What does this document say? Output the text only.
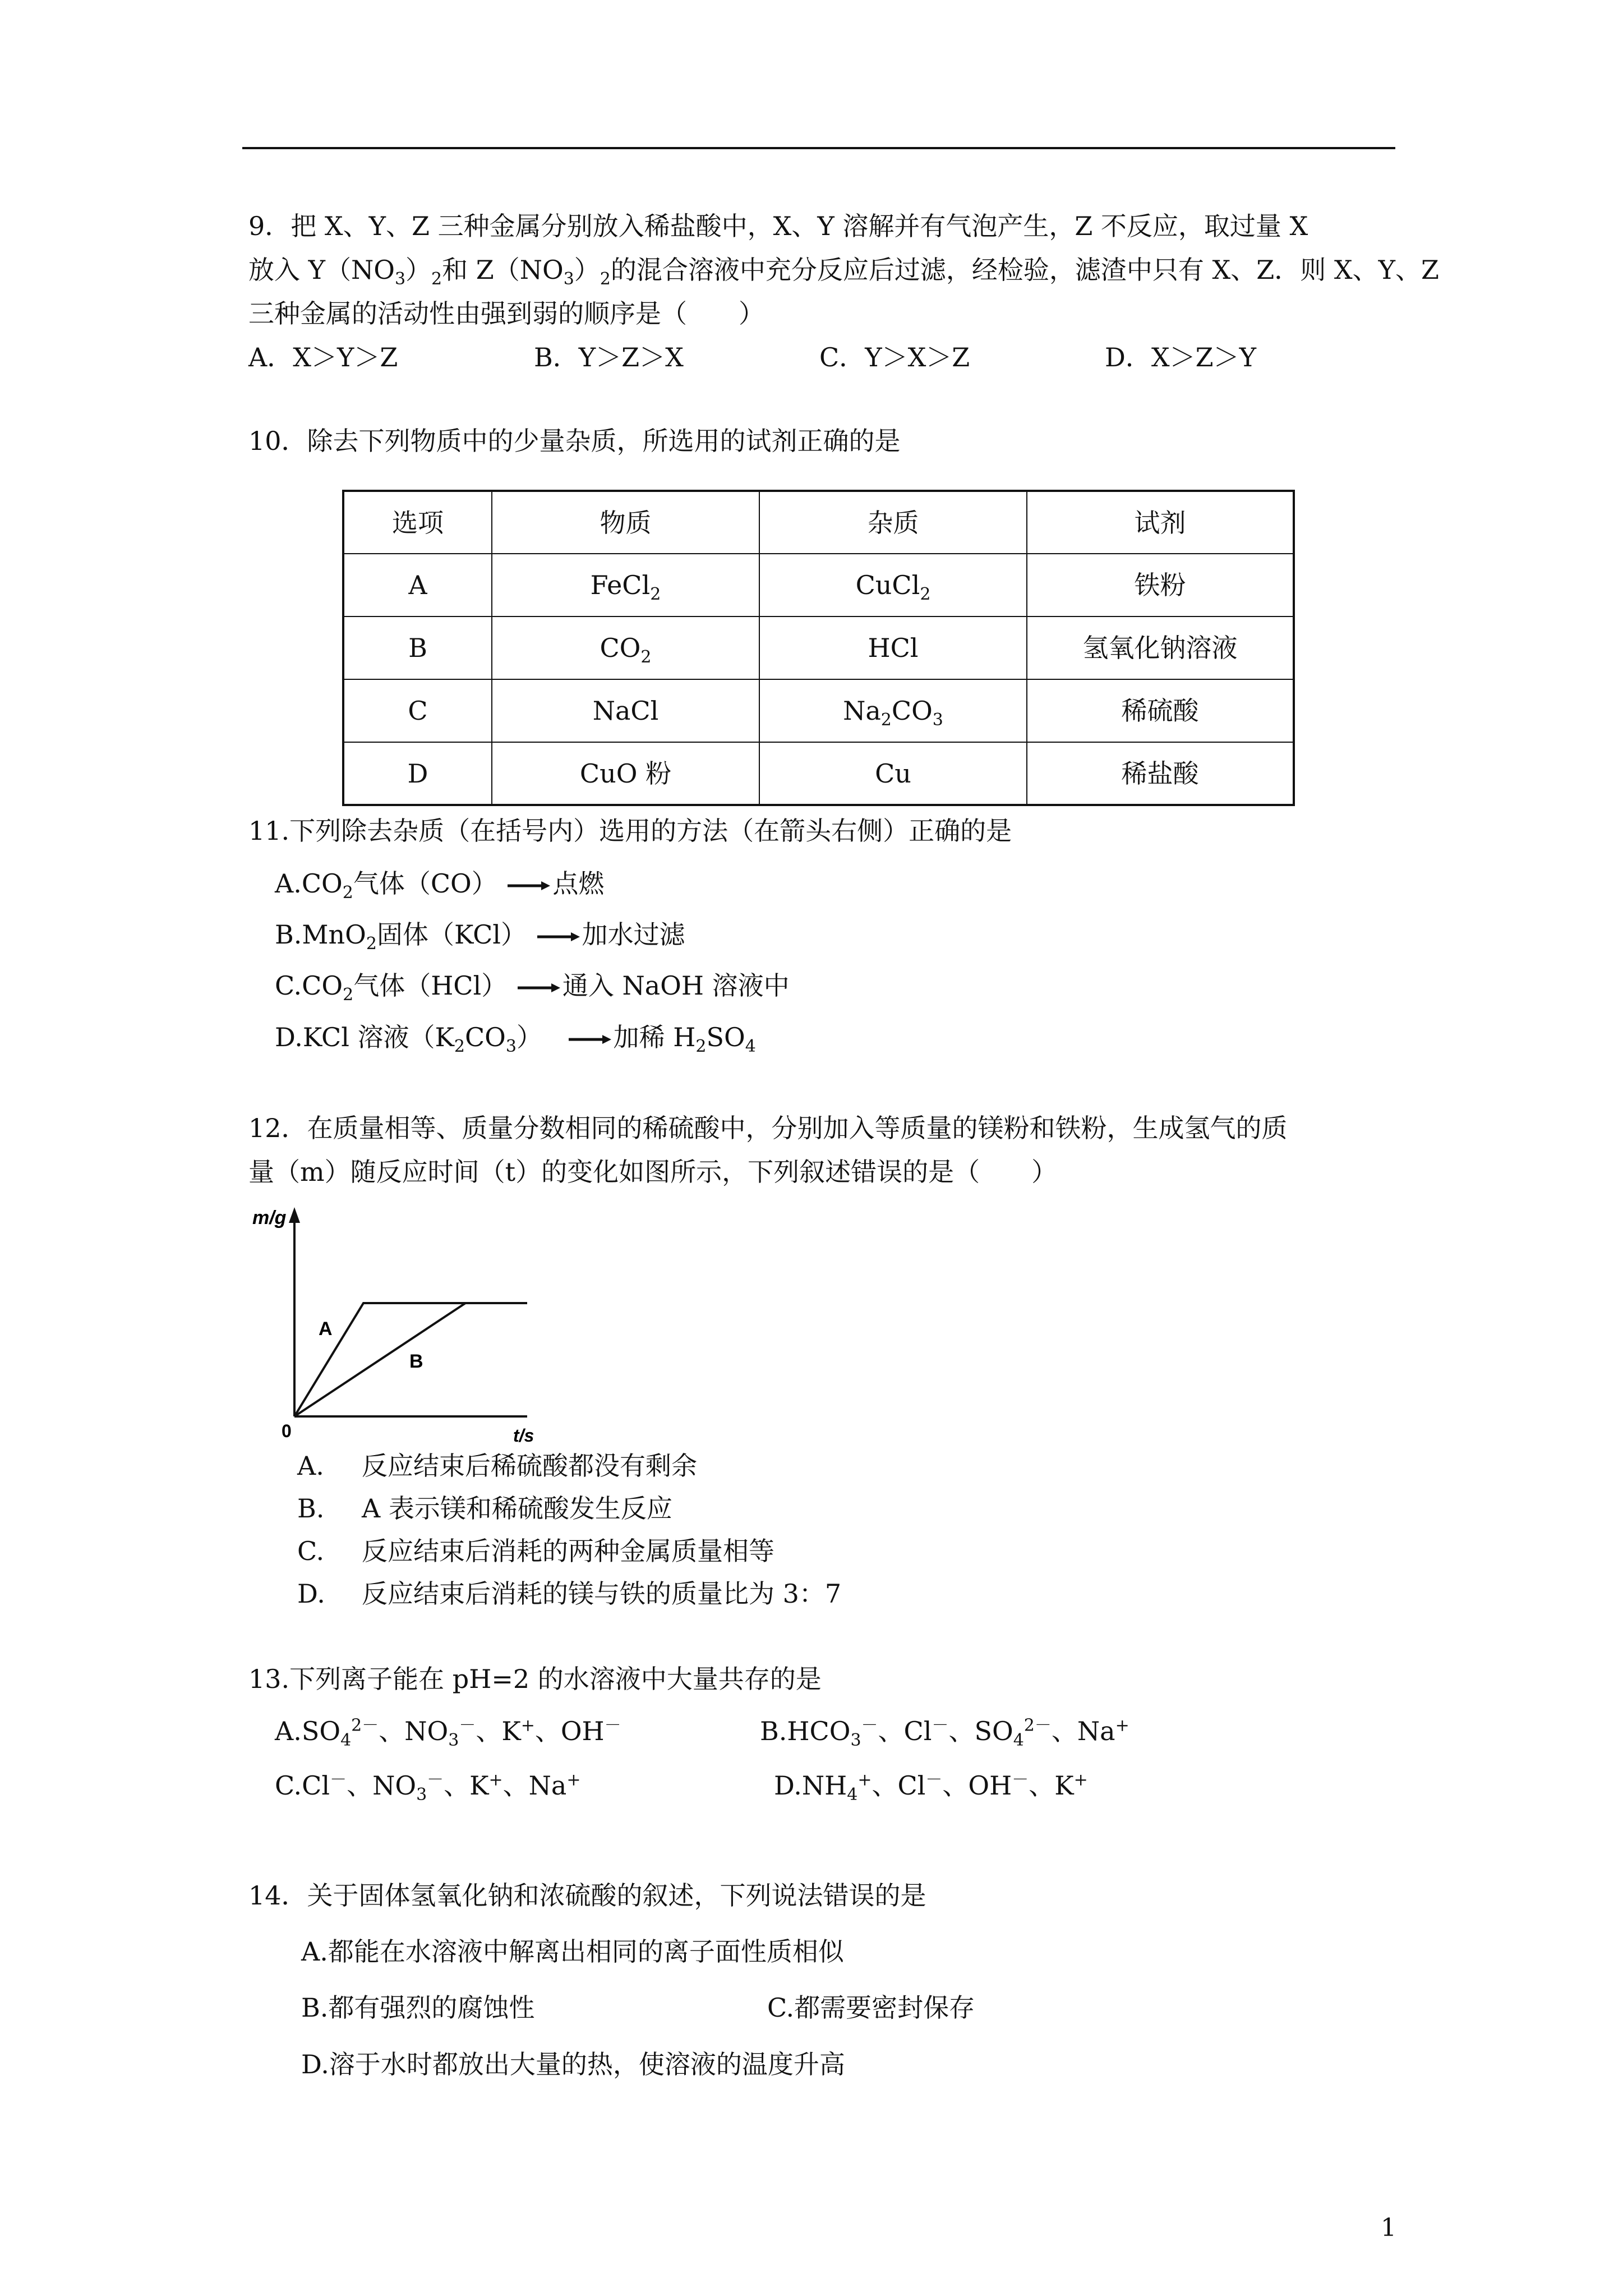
9．把 X、Y、Z 三种金属分别放入稀盐酸中，X、Y 溶解并有气泡产生，Z 不反应，取过量 X
放入 $Y(NO_3)_2$和 $Z(NO_3)_2$的混合溶液中充分反应后过滤，经检验，滤渣中只有 X、Z．则 X、Y、Z
三种金属的活动性由强到弱的顺序是（　　）
A．X＞Y＞Z	B．Y＞Z＞X	C．Y＞X＞Z	D．X＞Z＞Y
10．除去下列物质中的少量杂质，所选用的试剂正确的是
选项	物质	杂质	试剂
A	FeCl$_2$	CuCl$_2$	铁粉
B	$CO_2$	HCl	氢氧化钠溶液
C	NaCl	$Na_2CO_3$	稀硫酸
D	CuO 粉	Cu	稀盐酸
11.下列除去杂质（在括号内）选用的方法（在箭头右侧）正确的是
$A.CO_2$气体（CO） 点燃
B.MnO$_2$固体（KCl） 加水过滤
$C.CO_2$气体（HCl） 通入 NaOH 溶液中
D.KCl 溶液$(K_2CO_3)$	加稀 $H_2SO_4$
12．在质量相等、质量分数相同的稀硫酸中，分别加入等质量的镁粉和铁粉，生成氢气的质
量（m）随反应时间（t）的变化如图所示，下列叙述错误的是（　　）
m/g
t/s
0
A
B
A. 反应结束后稀硫酸都没有剩余
B. A 表示镁和稀硫酸发生反应
C. 反应结束后消耗的两种金属质量相等
D. 反应结束后消耗的镁与铁的质量比为 3：7
13.下列离子能在 pH=2 的水溶液中大量共存的是
$A.SO_4^{2-}$、$NO_3^-$、K+、OH－	$B.HCO_3^-$、Cl－、$SO_4^{2-}$、Na+
C.Cl－、$NO_3^-$、K+、Na+	$D.NH_4^+$、Cl－、OH－、K+
14．关于固体氢氧化钠和浓硫酸的叙述，下列说法错误的是
A.都能在水溶液中解离出相同的离子面性质相似
B.都有强烈的腐蚀性	C.都需要密封保存
D.溶于水时都放出大量的热，使溶液的温度升高
1
